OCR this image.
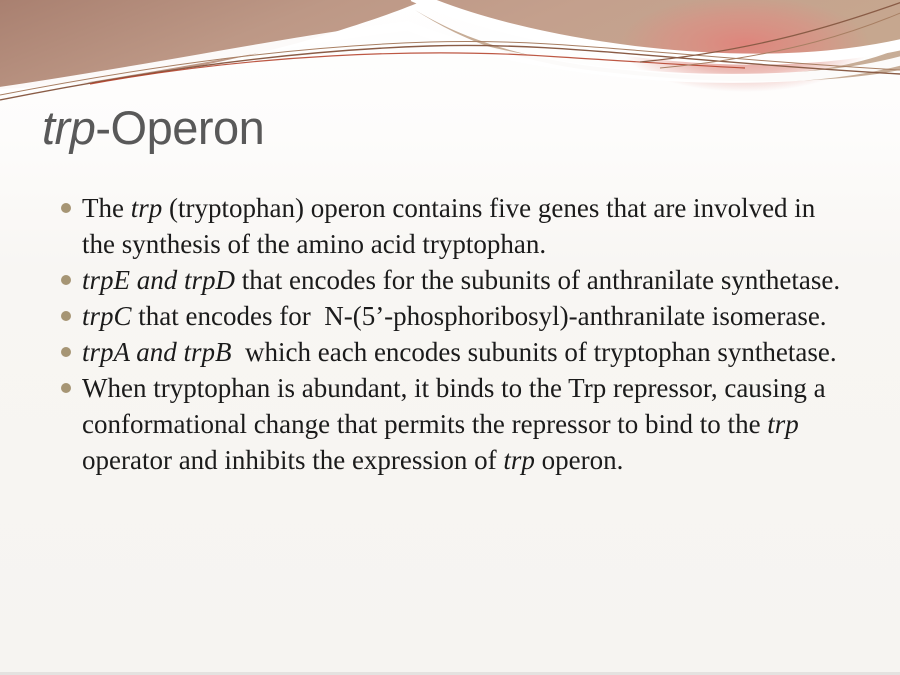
trp-Operon
The trp (tryptophan) operon contains five genes that are involved in the synthesis of the amino acid tryptophan.
trpE and trpD that encodes for the subunits of anthranilate synthetase.
trpC that encodes for  N-(5’-phosphoribosyl)-anthranilate isomerase.
trpA and trpB  which each encodes subunits of tryptophan synthetase.
When tryptophan is abundant, it binds to the Trp repressor, causing a conformational change that permits the repressor to bind to the trp operator and inhibits the expression of trp operon.
